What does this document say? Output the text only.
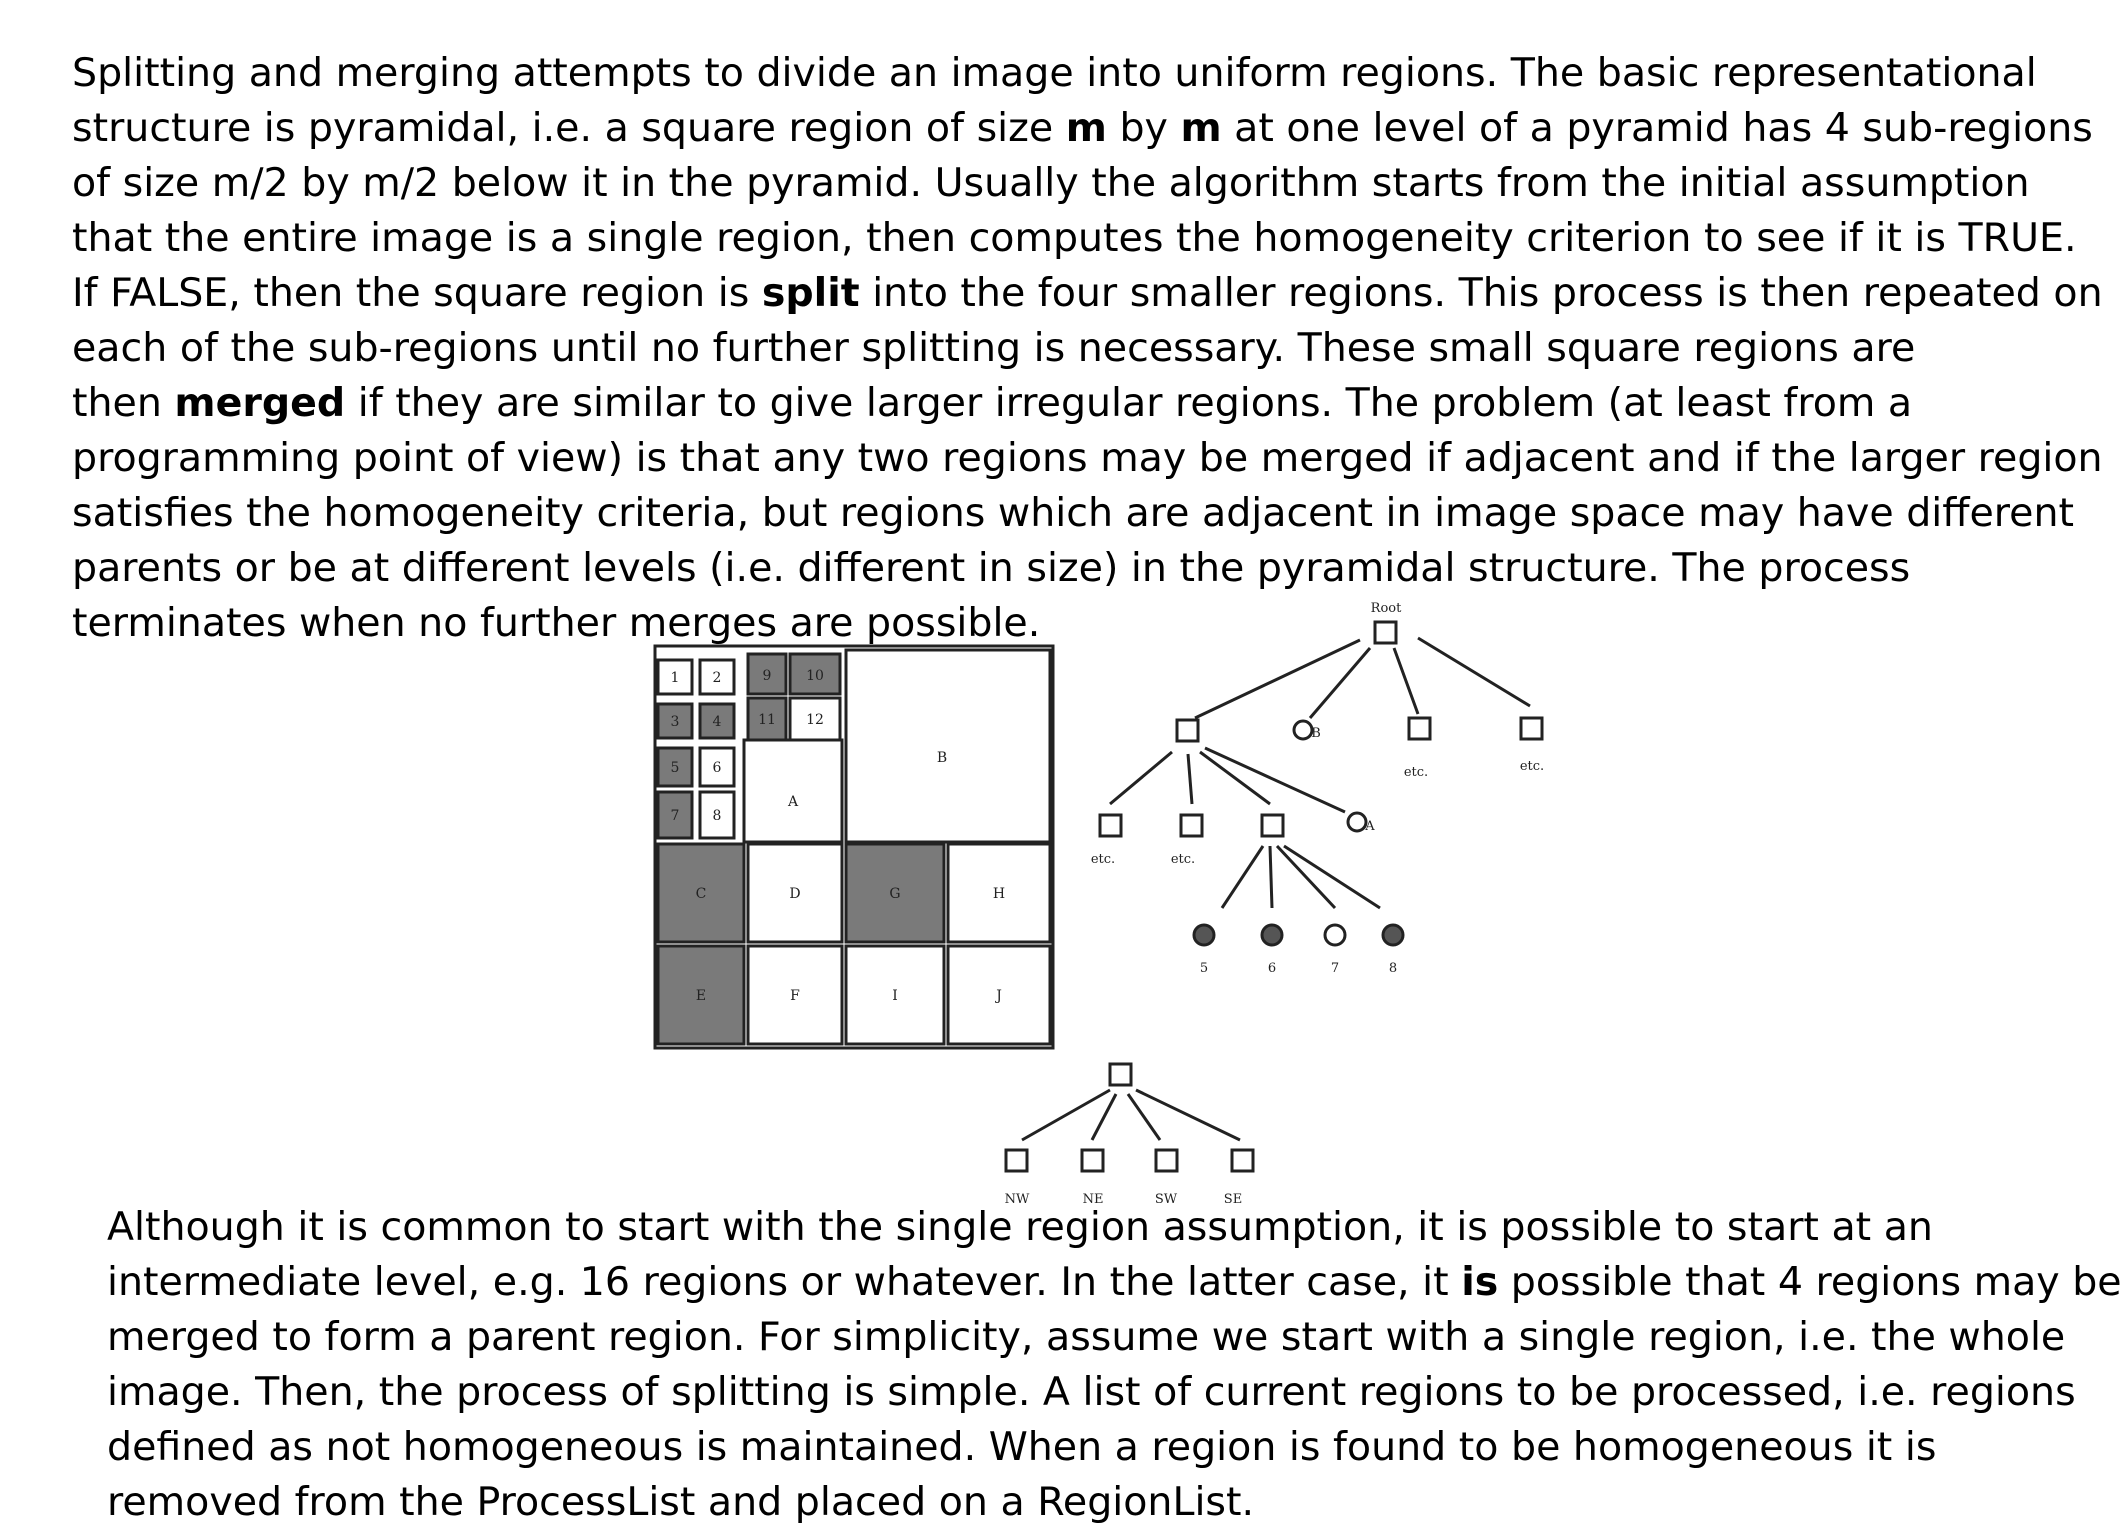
Splitting and merging attempts to divide an image into uniform regions. The basic representational
structure is pyramidal, i.e. a square region of size m by m at one level of a pyramid has 4 sub-regions
of size m/2 by m/2 below it in the pyramid. Usually the algorithm starts from the initial assumption
that the entire image is a single region, then computes the homogeneity criterion to see if it is TRUE.
If FALSE, then the square region is split into the four smaller regions. This process is then repeated on
each of the sub-regions until no further splitting is necessary. These small square regions are
then merged if they are similar to give larger irregular regions. The problem (at least from a
programming point of view) is that any two regions may be merged if adjacent and if the larger region
satisfies the homogeneity criteria, but regions which are adjacent in image space may have different
parents or be at different levels (i.e. different in size) in the pyramidal structure. The process
terminates when no further merges are possible.
1 2	9 10
3 4	11 12
5 6
7 8
A
B
C	D	G	H
E	F	I	J
Root
B
A
etc.	etc.
etc.	etc.
5	6	7	8
NW	NE	SW	SE
Although it is common to start with the single region assumption, it is possible to start at an
intermediate level, e.g. 16 regions or whatever. In the latter case, it is possible that 4 regions may be
merged to form a parent region. For simplicity, assume we start with a single region, i.e. the whole
image. Then, the process of splitting is simple. A list of current regions to be processed, i.e. regions
defined as not homogeneous is maintained. When a region is found to be homogeneous it is
removed from the ProcessList and placed on a RegionList.
